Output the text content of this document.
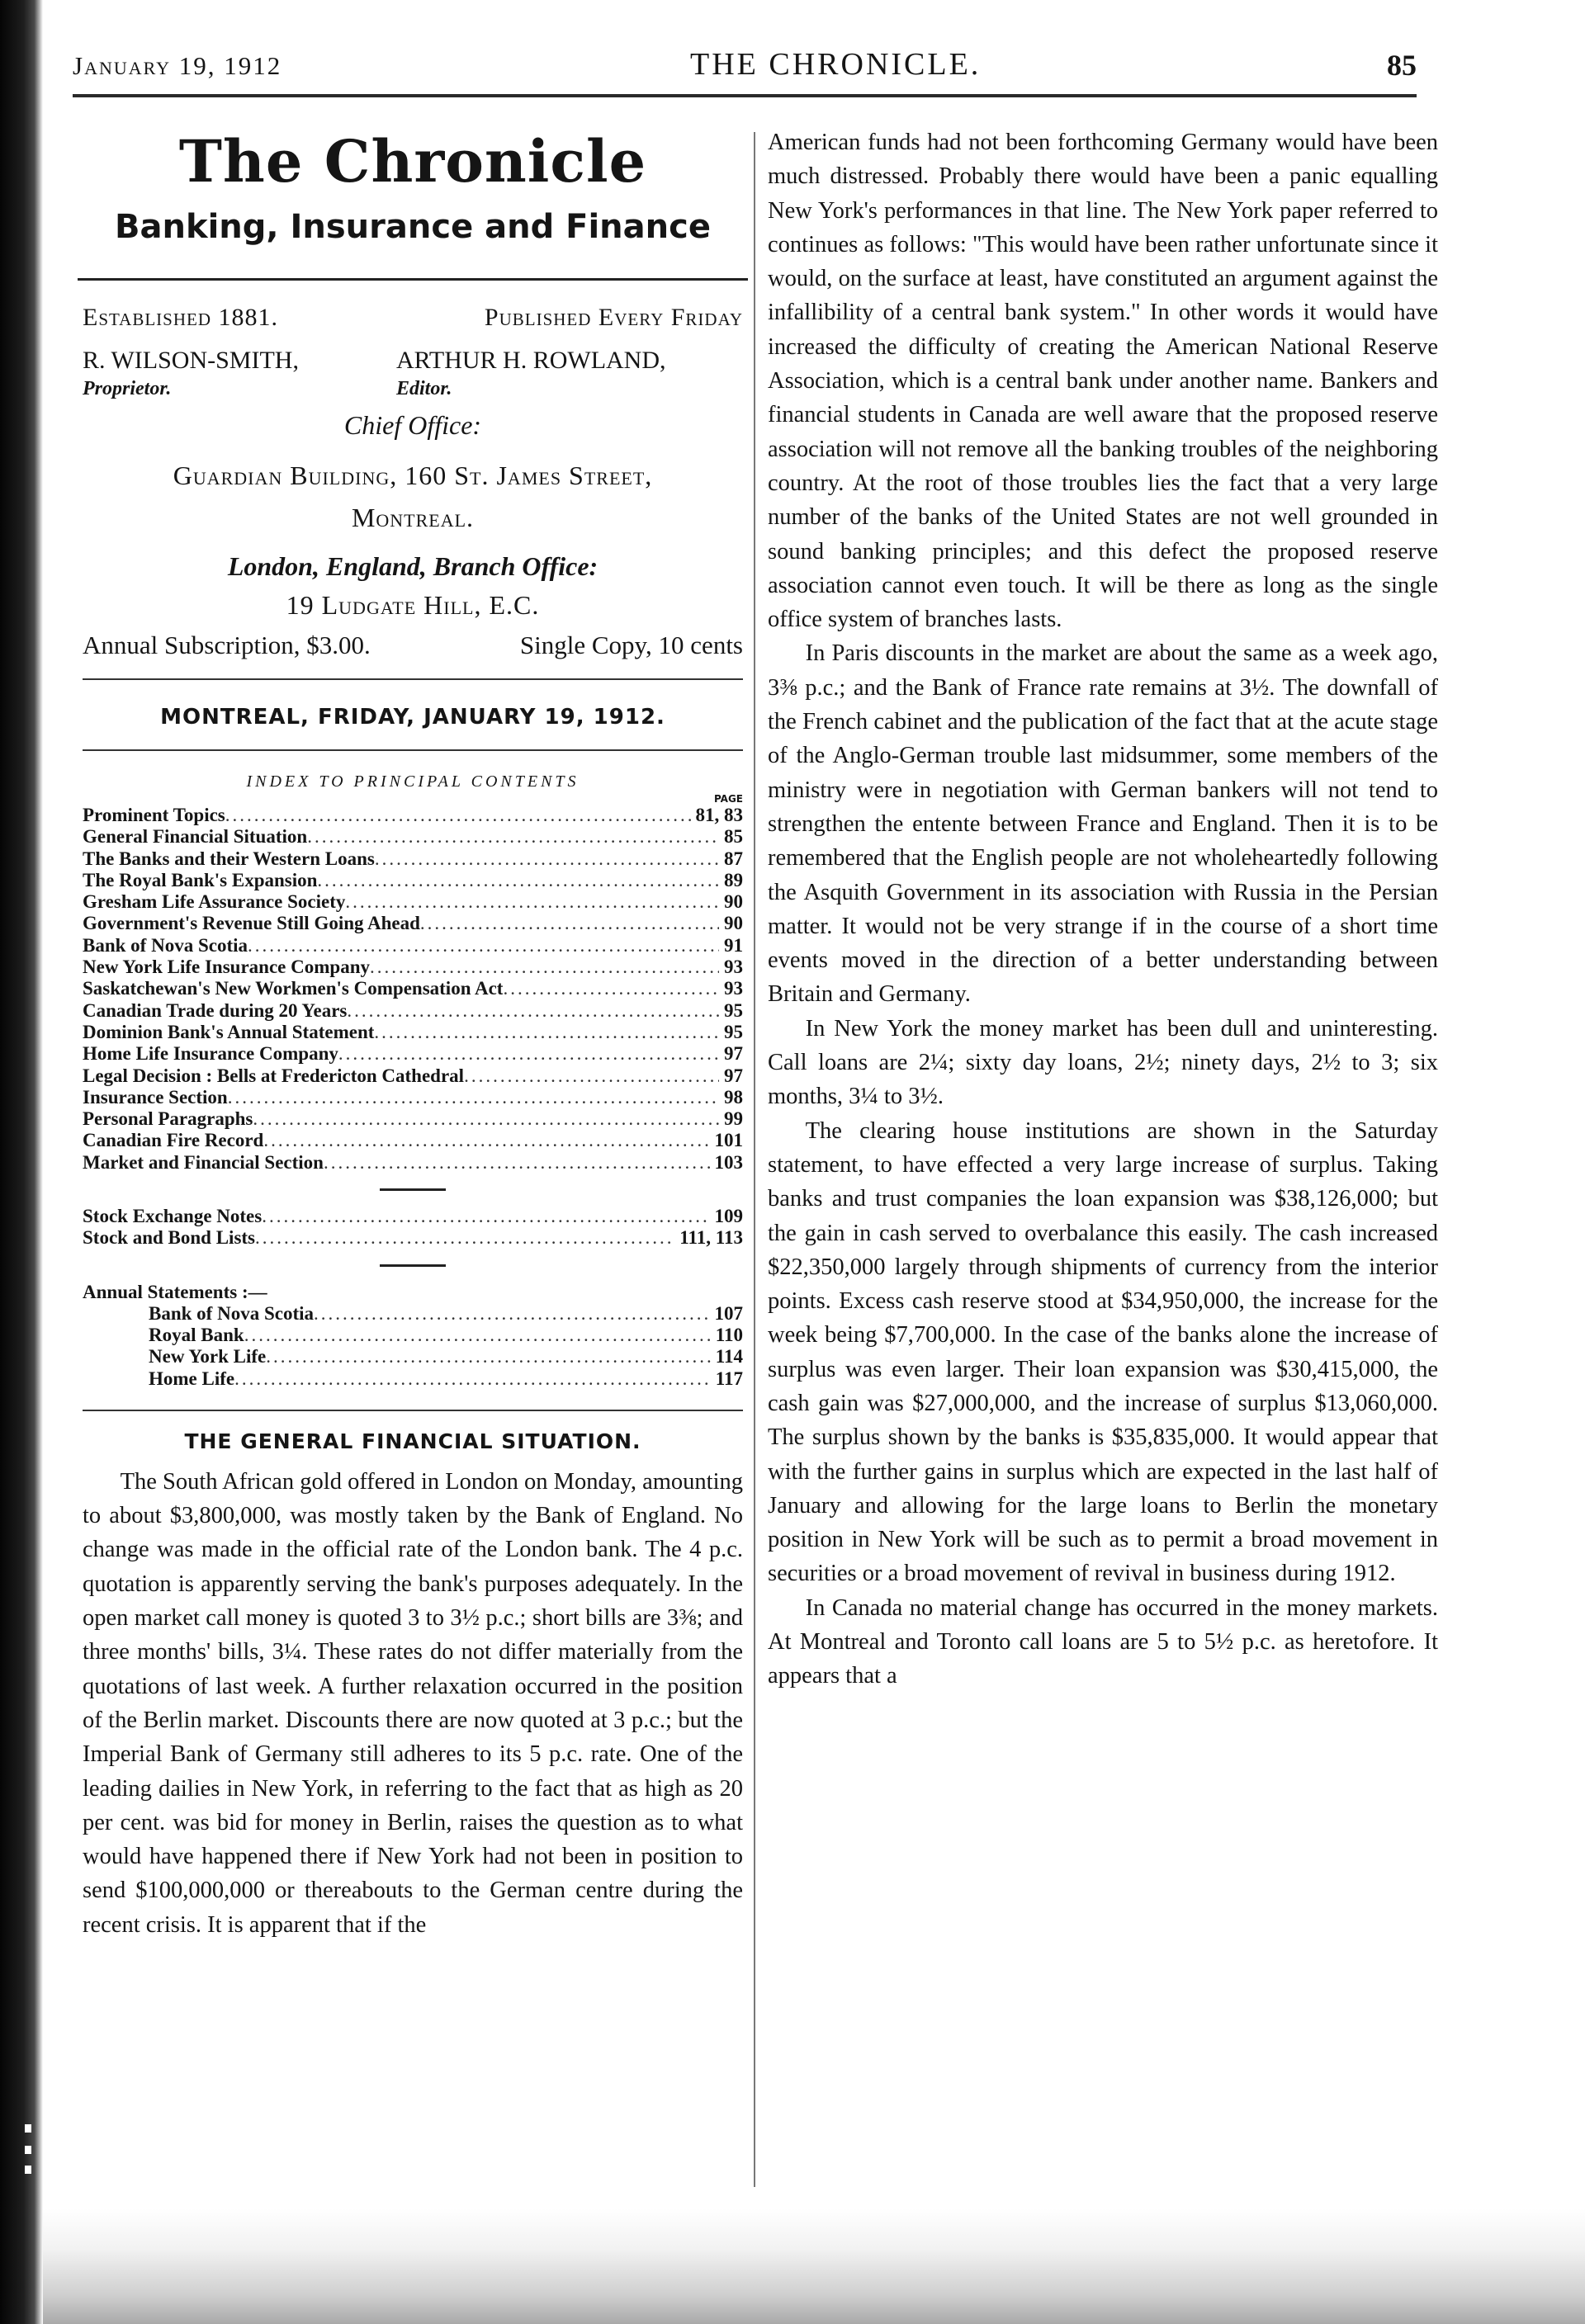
January 19, 1912	THE CHRONICLE.	85
The Chronicle
Banking, Insurance and Finance
Established 1881.	Published Every Friday
R. WILSON-SMITH,	ARTHUR H. ROWLAND,
Proprietor.	Editor.
Chief Office:
Guardian Building, 160 St. James Street,
Montreal.
London, England, Branch Office:
19 Ludgate Hill, E.C.
Annual Subscription, $3.00.	Single Copy, 10 cents
MONTREAL, FRIDAY, JANUARY 19, 1912.
INDEX TO PRINCIPAL CONTENTS
PAGE
Prominent Topics .....	81, 83
General Financial Situation .....	85
The Banks and their Western Loans .....	87
The Royal Bank's Expansion .....	89
Gresham Life Assurance Society .....	90
Government's Revenue Still Going Ahead .....	90
Bank of Nova Scotia .....	91
New York Life Insurance Company .....	93
Saskatchewan's New Workmen's Compensation Act .....	93
Canadian Trade during 20 Years .....	95
Dominion Bank's Annual Statement .....	95
Home Life Insurance Company .....	97
Legal Decision : Bells at Fredericton Cathedral .....	97
Insurance Section .....	98
Personal Paragraphs .....	99
Canadian Fire Record .....	101
Market and Financial Section .....	103
Stock Exchange Notes .....	109
Stock and Bond Lists .....	111, 113
Annual Statements :—
Bank of Nova Scotia .....	107
Royal Bank .....	110
New York Life .....	114
Home Life .....	117
THE GENERAL FINANCIAL SITUATION.

The South African gold offered in London on Monday, amounting to about $3,800,000, was mostly taken by the Bank of England. No change was made in the official rate of the London bank. The 4 p.c. quotation is apparently serving the bank's purposes adequately. In the open market call money is quoted 3 to 3½ p.c.; short bills are 3⅜; and three months' bills, 3¼. These rates do not differ materially from the quotations of last week. A further relaxation occurred in the position of the Berlin market. Discounts there are now quoted at 3 p.c.; but the Imperial Bank of Germany still adheres to its 5 p.c. rate. One of the leading dailies in New York, in referring to the fact that as high as 20 per cent. was bid for money in Berlin, raises the question as to what would have happened there if New York had not been in position to send $100,000,000 or thereabouts to the German centre during the recent crisis. It is apparent that if the

American funds had not been forthcoming Germany would have been much distressed. Probably there would have been a panic equalling New York's performances in that line. The New York paper referred to continues as follows: "This would have been rather unfortunate since it would, on the surface at least, have constituted an argument against the infallibility of a central bank system." In other words it would have increased the difficulty of creating the American National Reserve Association, which is a central bank under another name. Bankers and financial students in Canada are well aware that the proposed reserve association will not remove all the banking troubles of the neighboring country. At the root of those troubles lies the fact that a very large number of the banks of the United States are not well grounded in sound banking principles; and this defect the proposed reserve association cannot even touch. It will be there as long as the single office system of branches lasts.

In Paris discounts in the market are about the same as a week ago, 3⅜ p.c.; and the Bank of France rate remains at 3½. The downfall of the French cabinet and the publication of the fact that at the acute stage of the Anglo-German trouble last midsummer, some members of the ministry were in negotiation with German bankers will not tend to strengthen the entente between France and England. Then it is to be remembered that the English people are not wholeheartedly following the Asquith Government in its association with Russia in the Persian matter. It would not be very strange if in the course of a short time events moved in the direction of a better understanding between Britain and Germany.

In New York the money market has been dull and uninteresting. Call loans are 2¼; sixty day loans, 2½; ninety days, 2½ to 3; six months, 3¼ to 3½.

The clearing house institutions are shown in the Saturday statement, to have effected a very large increase of surplus. Taking banks and trust companies the loan expansion was $38,126,000; but the gain in cash served to overbalance this easily. The cash increased $22,350,000 largely through shipments of currency from the interior points. Excess cash reserve stood at $34,950,000, the increase for the week being $7,700,000. In the case of the banks alone the increase of surplus was even larger. Their loan expansion was $30,415,000, the cash gain was $27,000,000, and the increase of surplus $13,060,000. The surplus shown by the banks is $35,835,000. It would appear that with the further gains in surplus which are expected in the last half of January and allowing for the large loans to Berlin the monetary position in New York will be such as to permit a broad movement in securities or a broad movement of revival in business during 1912.

In Canada no material change has occurred in the money markets. At Montreal and Toronto call loans are 5 to 5½ p.c. as heretofore. It appears that a
